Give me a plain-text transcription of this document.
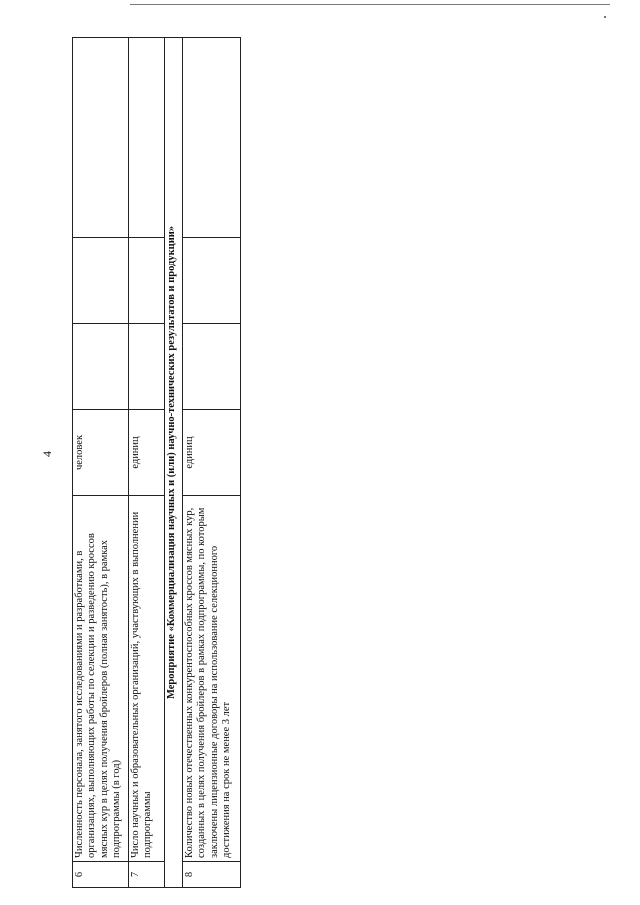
4
6	Численность персонала, занятого исследованиями и разработками, в организациях, выполняющих работы по селекции и разведению кроссов мясных кур в целях получения бройлеров (полная занятость), в рамках подпрограммы (в год)	человек			
7	Число научных и образовательных организаций, участвующих в выполнении подпрограммы	единиц			
Мероприятие «Коммерциализация научных и (или) научно-технических результатов и продукции»					
8	Количество новых отечественных конкурентоспособных кроссов мясных кур, созданных в целях получения бройлеров в рамках подпрограммы, по которым заключены лицензионные договоры на использование селекционного достижения на срок не менее 3 лет	единиц			
